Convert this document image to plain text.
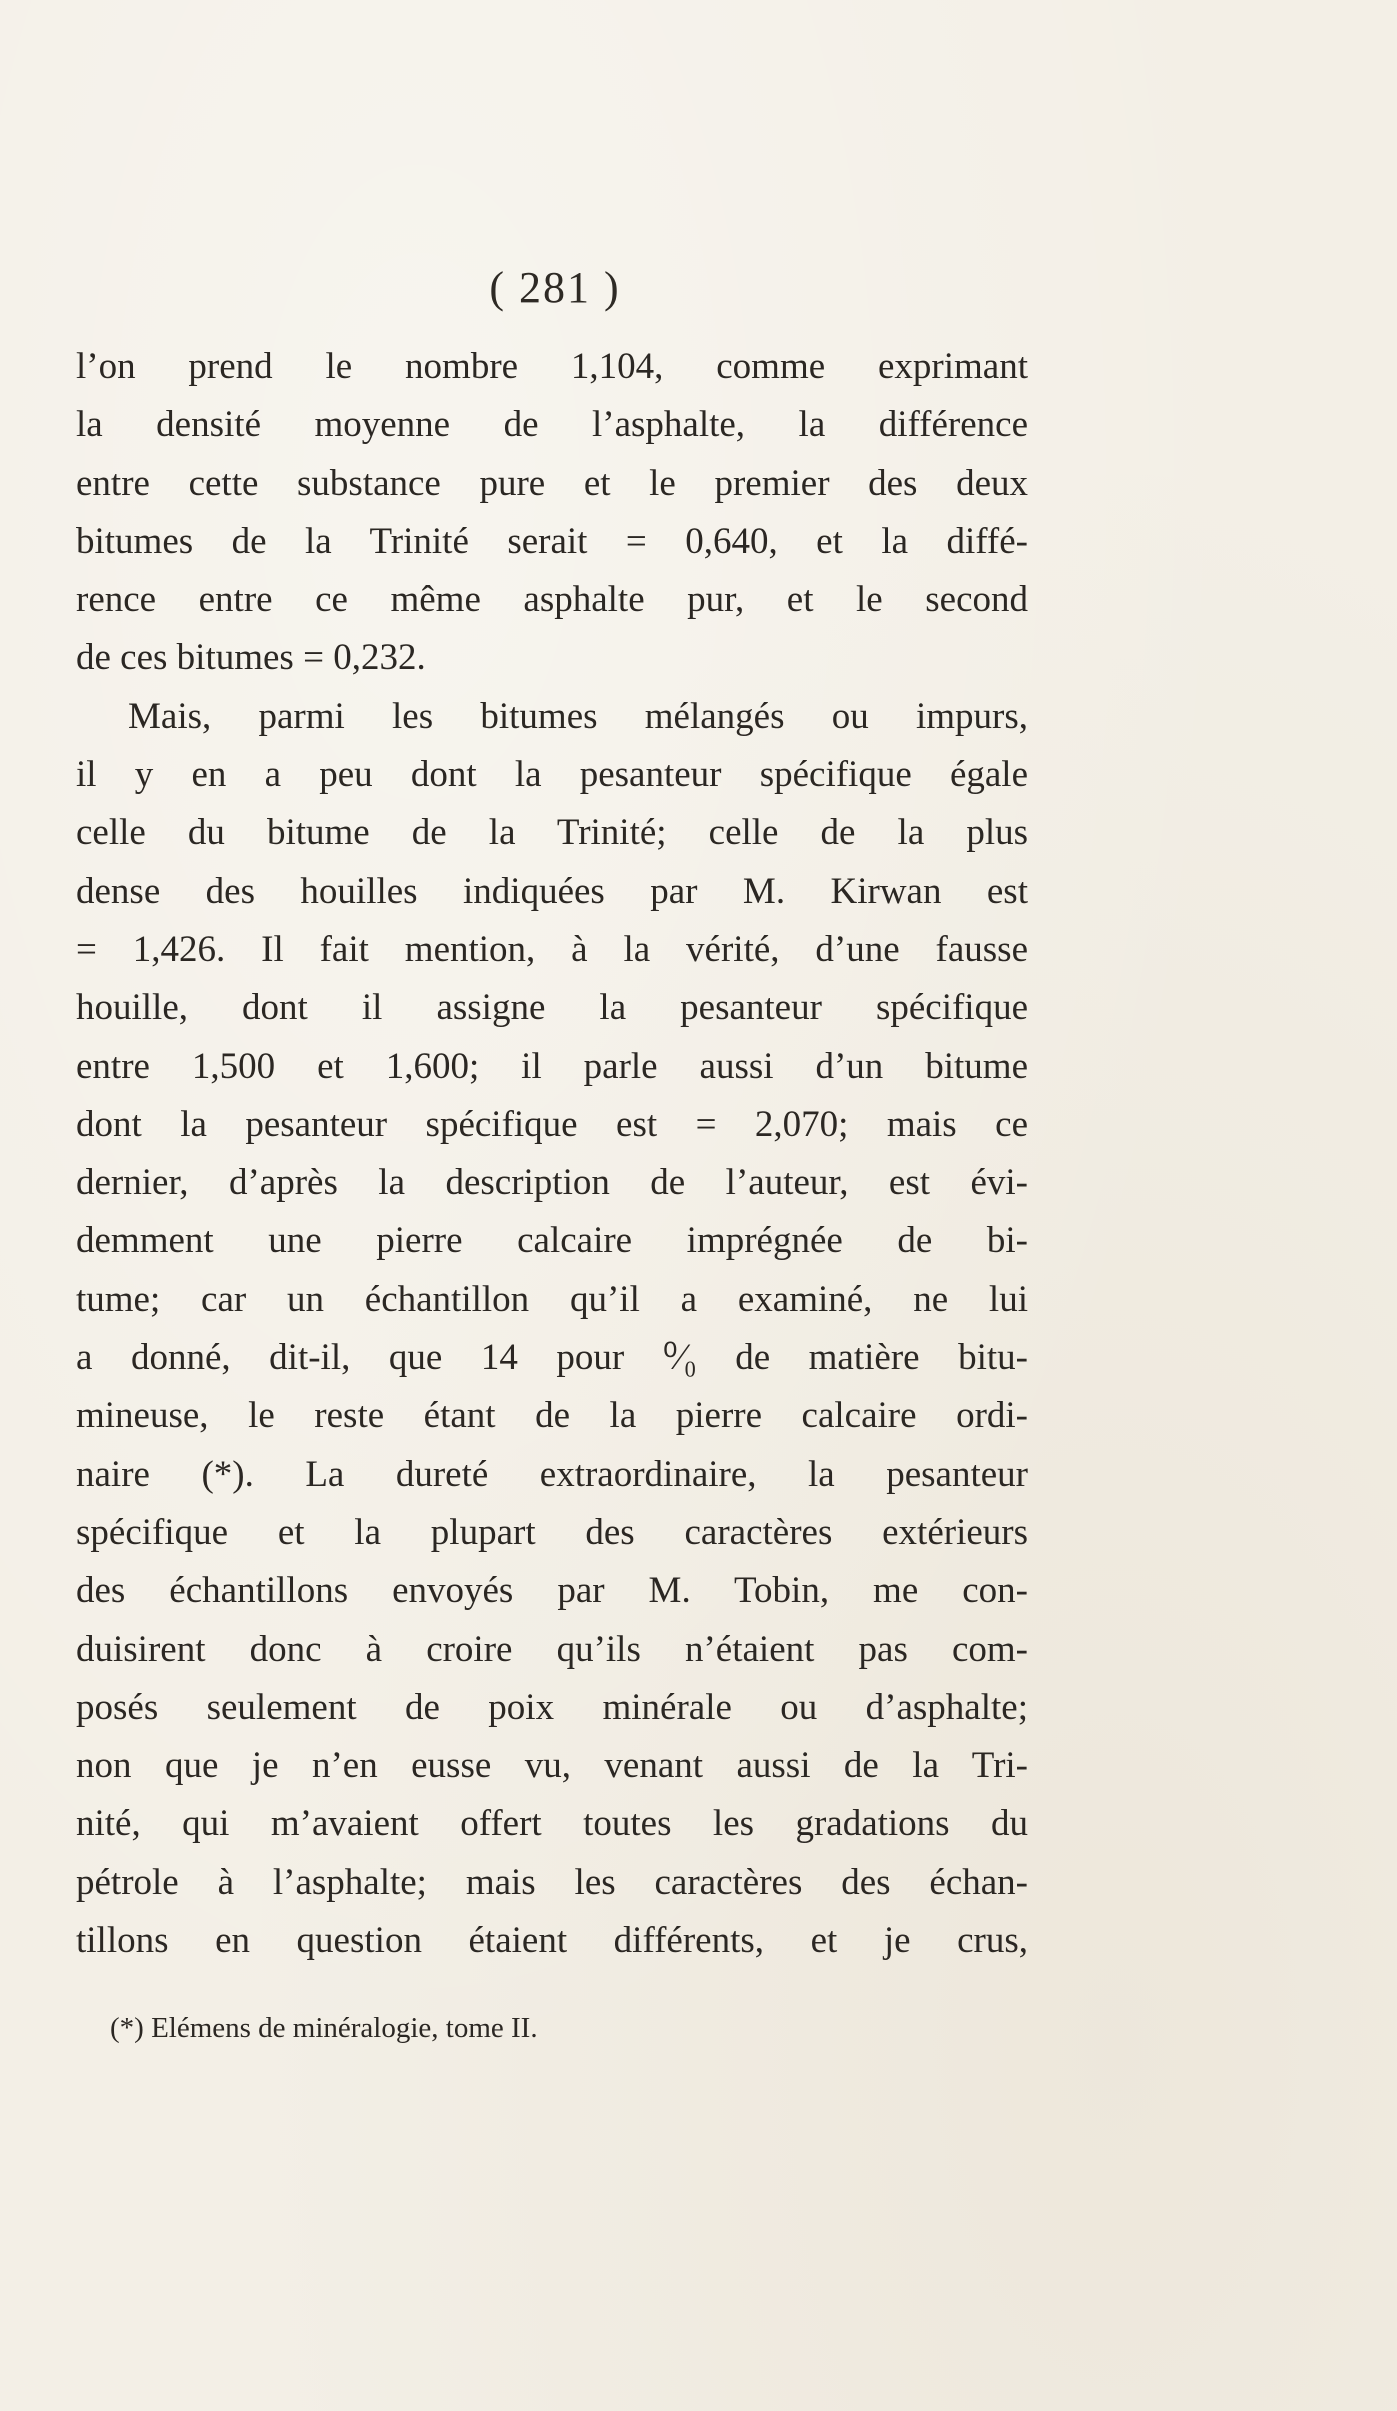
( 281 )
l’on prend le nombre 1,104, comme exprimant
la densité moyenne de l’asphalte, la différence
entre cette substance pure et le premier des deux
bitumes de la Trinité serait = 0,640, et la diffé-
rence entre ce même asphalte pur, et le second
de ces bitumes = 0,232.
Mais, parmi les bitumes mélangés ou impurs,
il y en a peu dont la pesanteur spécifique égale
celle du bitume de la Trinité; celle de la plus
dense des houilles indiquées par M. Kirwan est
= 1,426. Il fait mention, à la vérité, d’une fausse
houille, dont il assigne la pesanteur spécifique
entre 1,500 et 1,600; il parle aussi d’un bitume
dont la pesanteur spécifique est = 2,070; mais ce
dernier, d’après la description de l’auteur, est évi-
demment une pierre calcaire imprégnée de bi-
tume; car un échantillon qu’il a examiné, ne lui
a donné, dit-il, que 14 pour ⁰⁄₀ de matière bitu-
mineuse, le reste étant de la pierre calcaire ordi-
naire (*). La dureté extraordinaire, la pesanteur
spécifique et la plupart des caractères extérieurs
des échantillons envoyés par M. Tobin, me con-
duisirent donc à croire qu’ils n’étaient pas com-
posés seulement de poix minérale ou d’asphalte;
non que je n’en eusse vu, venant aussi de la Tri-
nité, qui m’avaient offert toutes les gradations du
pétrole à l’asphalte; mais les caractères des échan-
tillons en question étaient différents, et je crus,
(*) Elémens de minéralogie, tome II.
